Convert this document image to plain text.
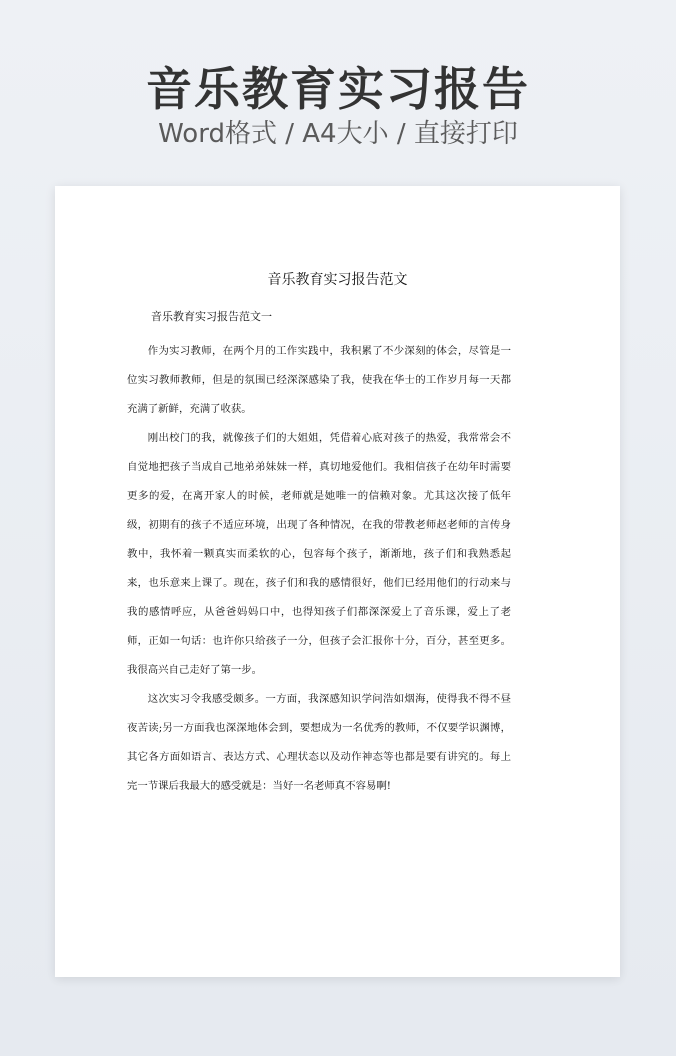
音乐教育实习报告
Word格式 / A4大小 / 直接打印
音乐教育实习报告范文
音乐教育实习报告范文一

作为实习教师，在两个月的工作实践中，我积累了不少深刻的体会，尽管是一位实习教师教师，但是的氛围已经深深感染了我，使我在华士的工作岁月每一天都充满了新鲜，充满了收获。

刚出校门的我，就像孩子们的大姐姐，凭借着心底对孩子的热爱，我常常会不自觉地把孩子当成自己地弟弟妹妹一样，真切地爱他们。我相信孩子在幼年时需要更多的爱，在离开家人的时候，老师就是她唯一的信赖对象。尤其这次接了低年级，初期有的孩子不适应环境，出现了各种情况，在我的带教老师赵老师的言传身教中，我怀着一颗真实而柔软的心，包容每个孩子，渐渐地，孩子们和我熟悉起来，也乐意来上课了。现在，孩子们和我的感情很好，他们已经用他们的行动来与我的感情呼应，从爸爸妈妈口中，也得知孩子们都深深爱上了音乐课，爱上了老师，正如一句话：也许你只给孩子一分，但孩子会汇报你十分，百分，甚至更多。我很高兴自己走好了第一步。

这次实习令我感受颇多。一方面，我深感知识学问浩如烟海，使得我不得不昼夜苦读;另一方面我也深深地体会到，要想成为一名优秀的教师，不仅要学识渊博，其它各方面如语言、表达方式、心理状态以及动作神态等也都是要有讲究的。每上完一节课后我最大的感受就是：当好一名老师真不容易啊!
